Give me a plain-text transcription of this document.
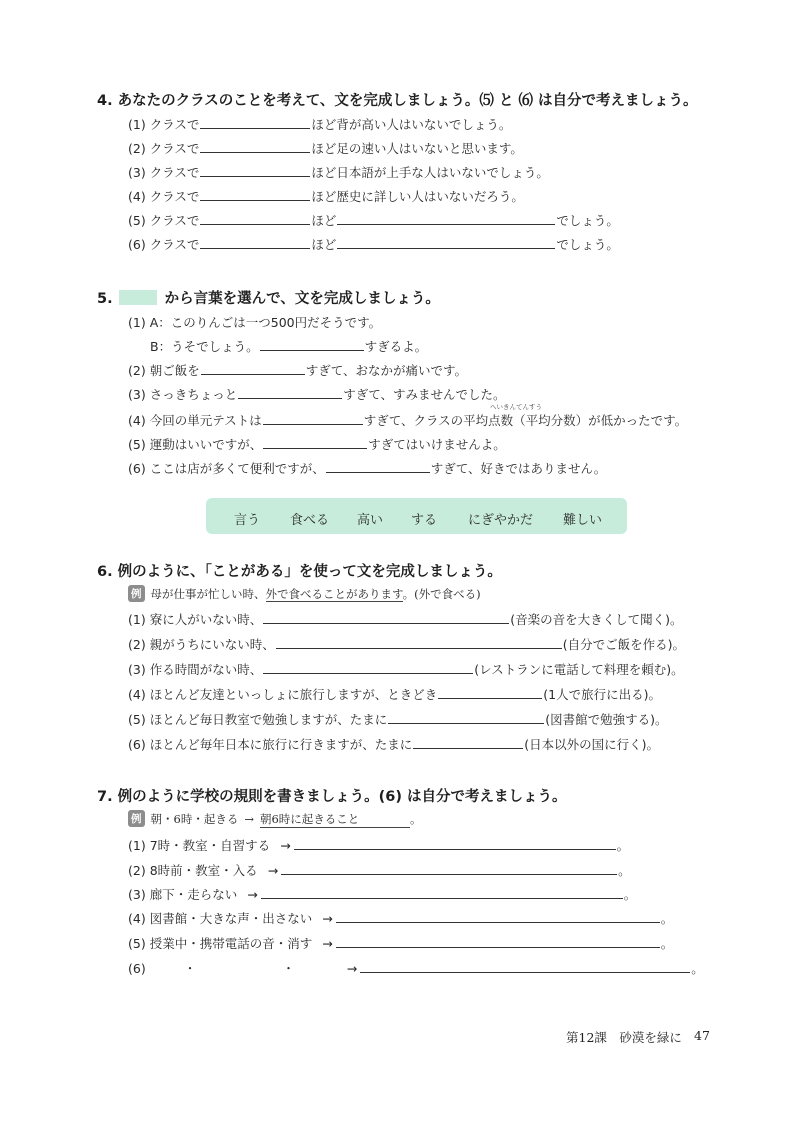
4. あなたのクラスのことを考えて、文を完成しましょう。⑸ と ⑹ は自分で考えましょう。
(1) クラスで	ほど背が高い人はいないでしょう。
(2) クラスで	ほど足の速い人はいないと思います。
(3) クラスで	ほど日本語が上手な人はいないでしょう。
(4) クラスで	ほど歴史に詳しい人はいないだろう。
(5) クラスで	ほど	でしょう。
(6) クラスで	ほど	でしょう。
5.	から言葉を選んで、文を完成しましょう。
(1) A：このりんごは一つ500円だそうです。
B：うそでしょう。	すぎるよ。
(2) 朝ご飯を	すぎて、おなかが痛いです。
(3) さっきちょっと	すぎて、すみませんでした。
へいきんてんすう
(4) 今回の単元テストは	すぎて、クラスの平均点数（平均分数）が低かったです。
(5) 運動はいいですが、	すぎてはいけませんよ。
(6) ここは店が多くて便利ですが、	すぎて、好きではありません。
言う 食べる 高い する にぎやかだ 難しい
6. 例のように、「ことがある」を使って文を完成しましょう。
例 母が仕事が忙しい時、外で食べることがあります。(外で食べる)
(1) 寮に人がいない時、	(音楽の音を大きくして聞く)。
(2) 親がうちにいない時、	(自分でご飯を作る)。
(3) 作る時間がない時、	(レストランに電話して料理を頼む)。
(4) ほとんど友達といっしょに旅行しますが、ときどき	(1人で旅行に出る)。
(5) ほとんど毎日教室で勉強しますが、たまに	(図書館で勉強する)。
(6) ほとんど毎年日本に旅行に行きますが、たまに	(日本以外の国に行く)。
7. 例のように学校の規則を書きましょう。(6) は自分で考えましょう。
例 朝・6時・起きる → 朝6時に起きること	。
(1) 7時・教室・自習する →	。
(2) 8時前・教室・入る →	。
(3) 廊下・走らない →	。
(4) 図書館・大きな声・出さない →	。
(5) 授業中・携帯電話の音・消す →	。
(6)	・	・	→	。
第12課　砂漠を緑に 47
